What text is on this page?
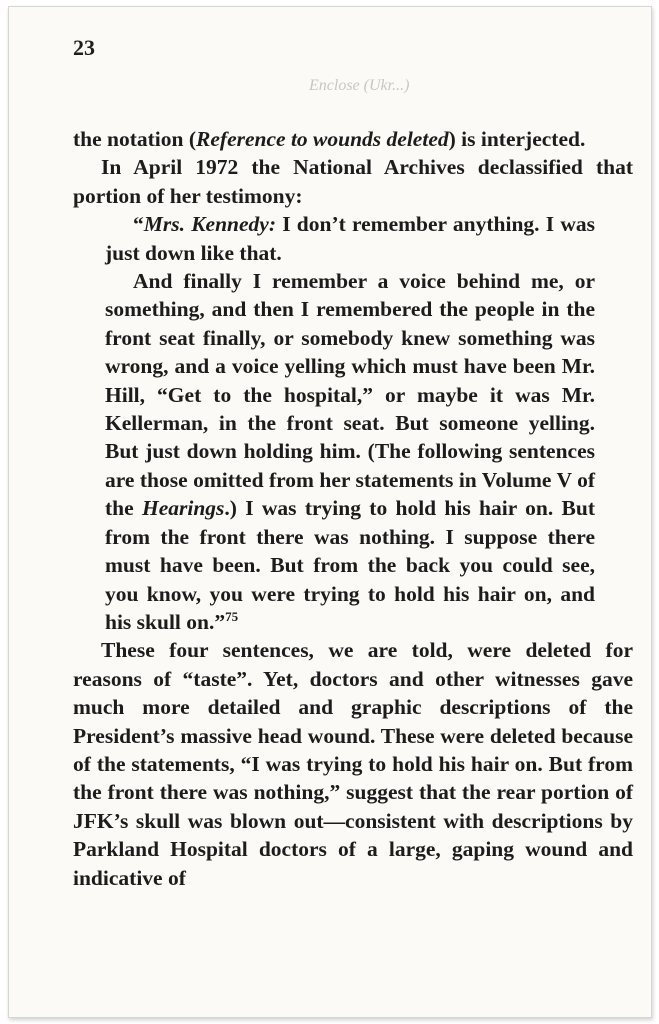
23
Enclose (Ukr...)

the notation (Reference to wounds deleted) is interjected.

In April 1972 the National Archives declassified that portion of her testimony:

“Mrs. Kennedy: I don’t remember anything. I was just down like that.

And finally I remember a voice behind me, or something, and then I remembered the people in the front seat finally, or somebody knew something was wrong, and a voice yelling which must have been Mr. Hill, “Get to the hospital,” or maybe it was Mr. Kellerman, in the front seat. But someone yelling. But just down holding him. (The following sentences are those omitted from her statements in Volume V of the Hearings.) I was trying to hold his hair on. But from the front there was nothing. I suppose there must have been. But from the back you could see, you know, you were trying to hold his hair on, and his skull on.”$^{75}$

These four sentences, we are told, were deleted for reasons of “taste”. Yet, doctors and other witnesses gave much more detailed and graphic descriptions of the President’s massive head wound. These were deleted because of the statements, “I was trying to hold his hair on. But from the front there was nothing,” suggest that the rear portion of JFK’s skull was blown out—consistent with descriptions by Parkland Hospital doctors of a large, gaping wound and indicative of
